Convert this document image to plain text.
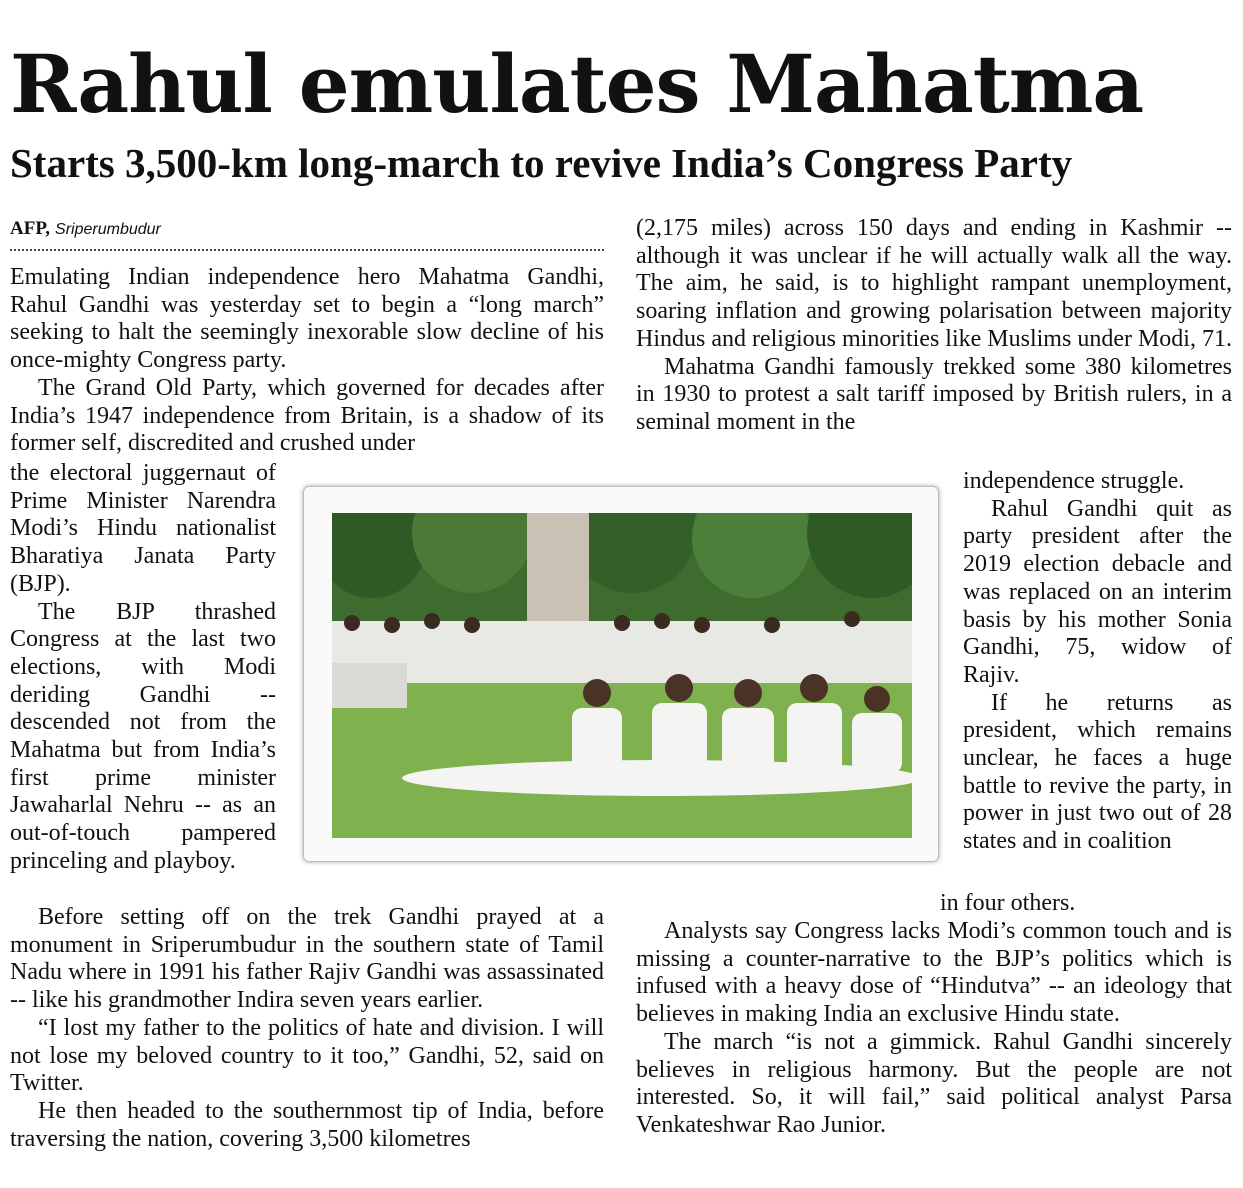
Rahul emulates Mahatma
Starts 3,500-km long-march to revive India’s Congress Party
AFP, Sriperumbudur

Emulating Indian independence hero Mahatma Gandhi, Rahul Gandhi was yesterday set to begin a “long march” seeking to halt the seemingly inexorable slow decline of his once-mighty Congress party.

The Grand Old Party, which governed for decades after India’s 1947 independence from Britain, is a shadow of its former self, discredited and crushed under

the electoral juggernaut of Prime Minister Narendra Modi’s Hindu nationalist Bharatiya Janata Party (BJP).

The BJP thrashed Congress at the last two elections, with Modi deriding Gandhi -- descended not from the Mahatma but from India’s first prime minister Jawaharlal Nehru -- as an out-of-touch pampered princeling and playboy.

Before setting off on the trek Gandhi prayed at a monument in Sriperumbudur in the southern state of Tamil Nadu where in 1991 his father Rajiv Gandhi was assassinated -- like his grandmother Indira seven years earlier.

“I lost my father to the politics of hate and division. I will not lose my beloved country to it too,” Gandhi, 52, said on Twitter.

He then headed to the southernmost tip of India, before traversing the nation, covering 3,500 kilometres

(2,175 miles) across 150 days and ending in Kashmir -- although it was unclear if he will actually walk all the way. The aim, he said, is to highlight rampant unemployment, soaring inflation and growing polarisation between majority Hindus and religious minorities like Muslims under Modi, 71.

Mahatma Gandhi famously trekked some 380 kilometres in 1930 to protest a salt tariff imposed by British rulers, in a seminal moment in the

independence struggle.

Rahul Gandhi quit as party president after the 2019 election debacle and was replaced on an interim basis by his mother Sonia Gandhi, 75, widow of Rajiv.

If he returns as president, which remains unclear, he faces a huge battle to revive the party, in power in just two out of 28 states and in coalition

in four others.

Analysts say Congress lacks Modi’s common touch and is missing a counter-narrative to the BJP’s politics which is infused with a heavy dose of “Hindutva” -- an ideology that believes in making India an exclusive Hindu state.

The march “is not a gimmick. Rahul Gandhi sincerely believes in religious harmony. But the people are not interested. So, it will fail,” said political analyst Parsa Venkateshwar Rao Junior.
